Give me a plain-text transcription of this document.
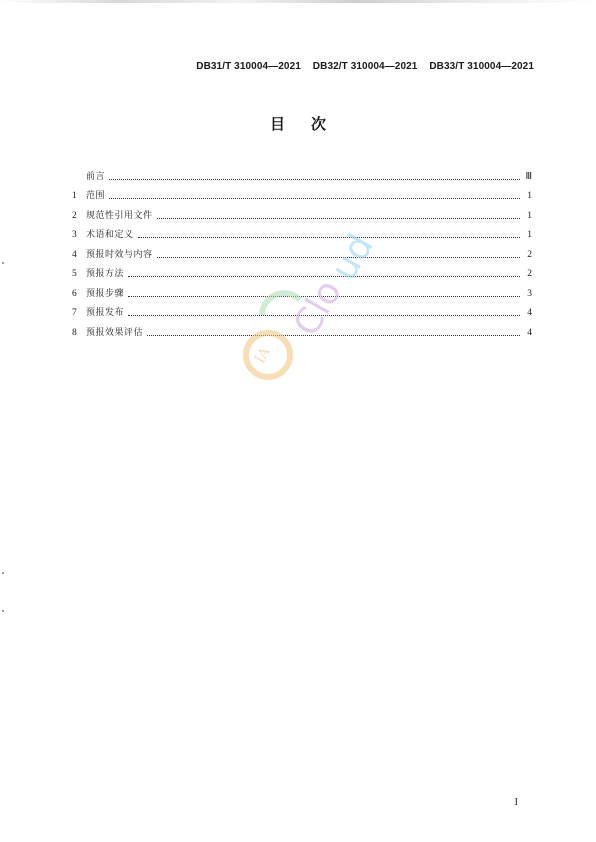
DB31/T 310004—2021 DB32/T 310004—2021 DB33/T 310004—2021
目次
前言	Ⅲ
1	范围	1
2	规范性引用文件	1
3	术语和定义	1
4	预报时效与内容	2
5	预报方法	2
6	预报步骤	3
7	预报发布	4
8	预报效果评估	4
IA
Clo
ud
I
